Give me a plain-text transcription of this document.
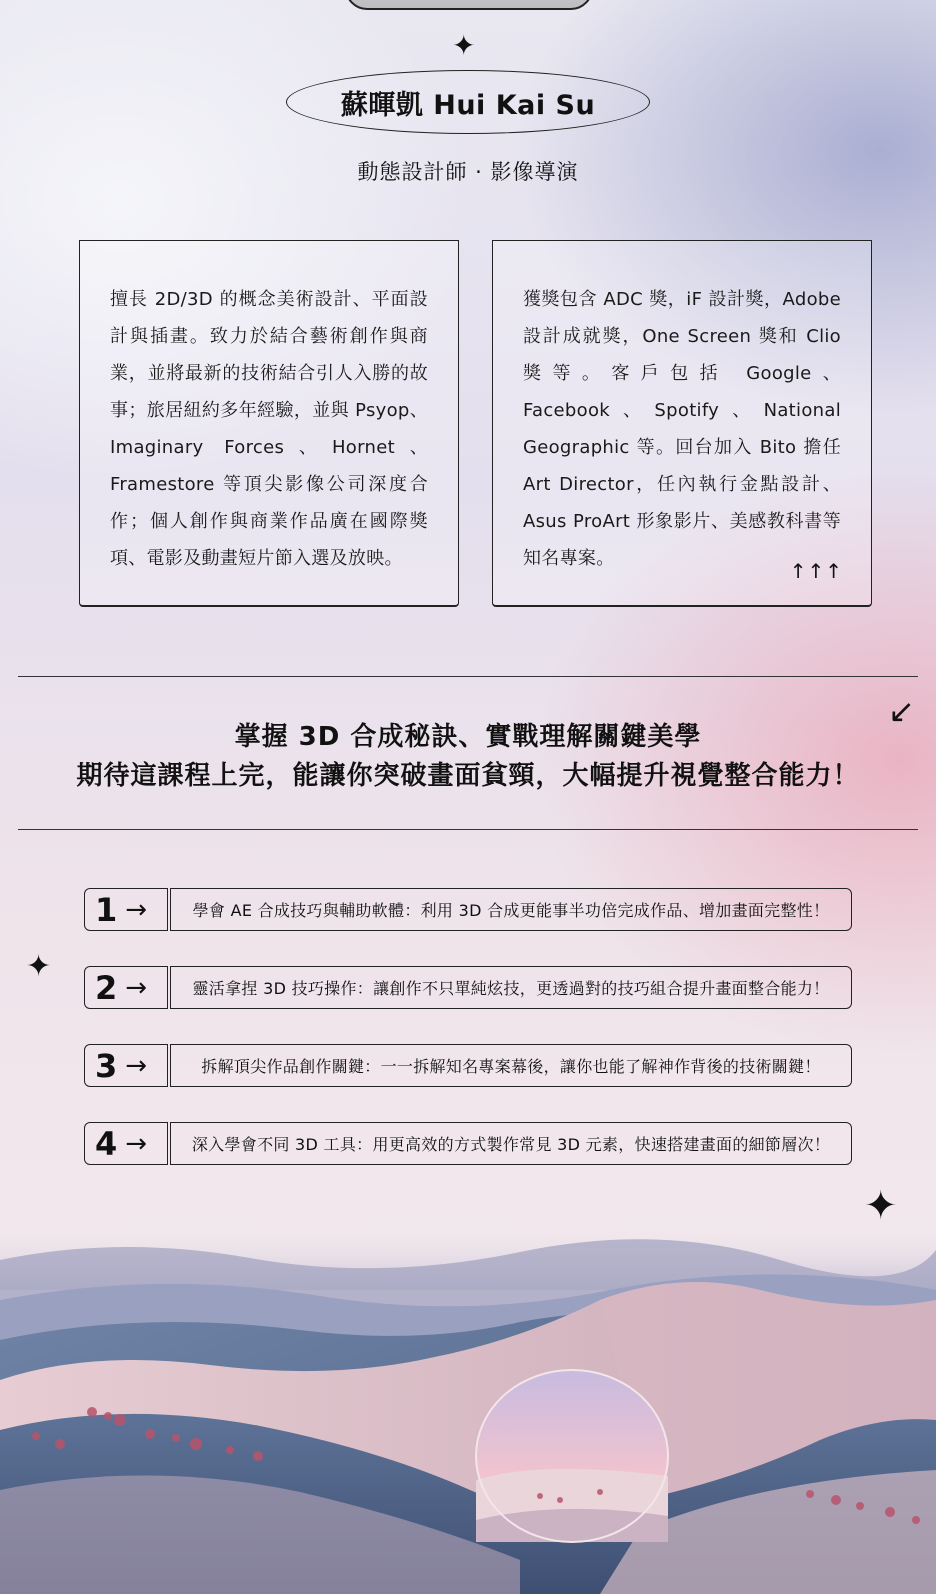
✦
✦
✦
蘇暉凱 Hui Kai Su
動態設計師 · 影像導演
擅長 2D/3D 的概念美術設計、平面設計與插畫。致力於結合藝術創作與商業，並將最新的技術結合引人入勝的故事；旅居紐約多年經驗，並與 Psyop、Imaginary Forces、Hornet、Framestore 等頂尖影像公司深度合作；個人創作與商業作品廣在國際獎項、電影及動畫短片節入選及放映。
獲獎包含 ADC 獎，iF 設計獎，Adobe 設計成就獎，One Screen 獎和 Clio 獎等。客戶包括 Google、Facebook、Spotify、National Geographic 等。回台加入 Bito 擔任 Art Director，任內執行金點設計、Asus ProArt 形象影片、美感教科書等知名專案。
↑↑↑
↙
掌握 3D 合成秘訣、實戰理解關鍵美學
期待這課程上完，能讓你突破畫面貧頸，大幅提升視覺整合能力！
1 →	學會 AE 合成技巧與輔助軟體：利用 3D 合成更能事半功倍完成作品、增加畫面完整性！
2 →	靈活拿捏 3D 技巧操作：讓創作不只單純炫技，更透過對的技巧組合提升畫面整合能力！
3 →	拆解頂尖作品創作關鍵：一一拆解知名專案幕後，讓你也能了解神作背後的技術關鍵！
4 →	深入學會不同 3D 工具：用更高效的方式製作常見 3D 元素，快速搭建畫面的細節層次！
